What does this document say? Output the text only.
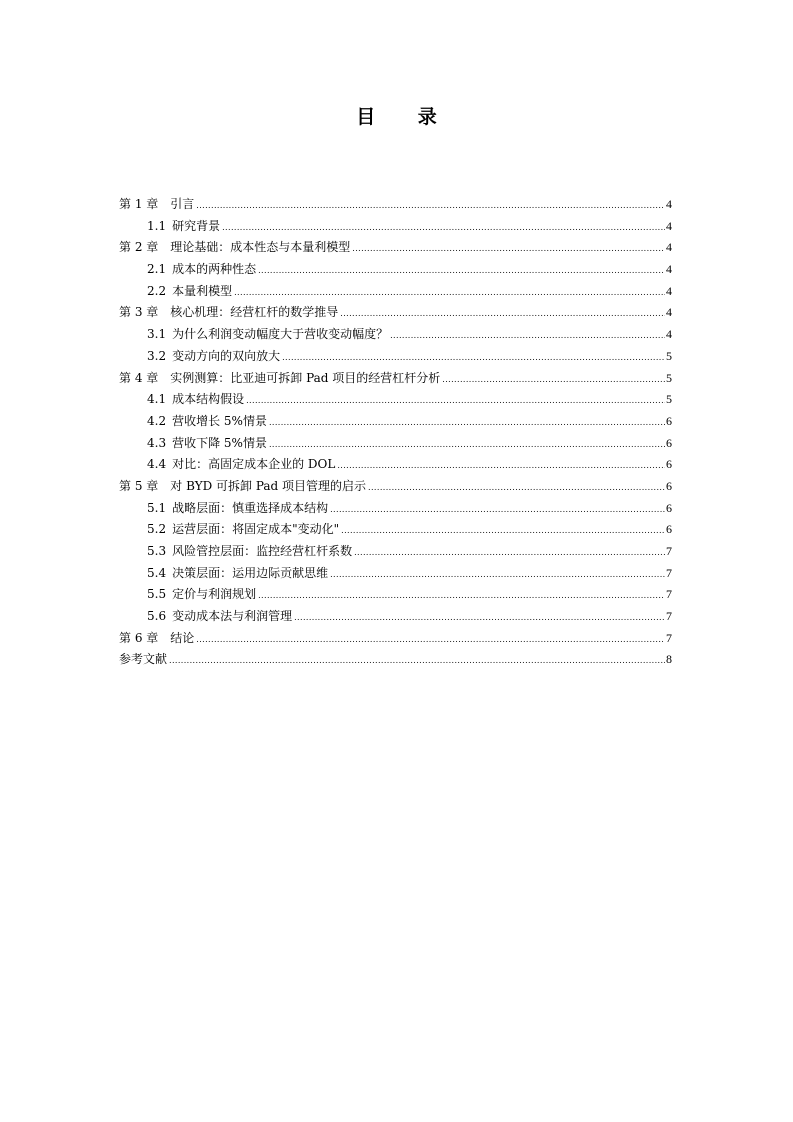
目 录
第 1 章 引言 .....	4
1.1 研究背景 .....	4
第 2 章 理论基础：成本性态与本量利模型 .....	4
2.1 成本的两种性态 .....	4
2.2 本量利模型 .....	4
第 3 章 核心机理：经营杠杆的数学推导 .....	4
3.1 为什么利润变动幅度大于营收变动幅度？ .....	4
3.2 变动方向的双向放大 .....	5
第 4 章 实例测算：比亚迪可拆卸 Pad 项目的经营杠杆分析 .....	5
4.1 成本结构假设 .....	5
4.2 营收增长 5%情景 .....	6
4.3 营收下降 5%情景 .....	6
4.4 对比：高固定成本企业的 DOL .....	6
第 5 章 对 BYD 可拆卸 Pad 项目管理的启示 .....	6
5.1 战略层面：慎重选择成本结构 .....	6
5.2 运营层面：将固定成本"变动化" .....	6
5.3 风险管控层面：监控经营杠杆系数 .....	7
5.4 决策层面：运用边际贡献思维 .....	7
5.5 定价与利润规划 .....	7
5.6 变动成本法与利润管理 .....	7
第 6 章 结论 .....	7
参考文献 .....	8
